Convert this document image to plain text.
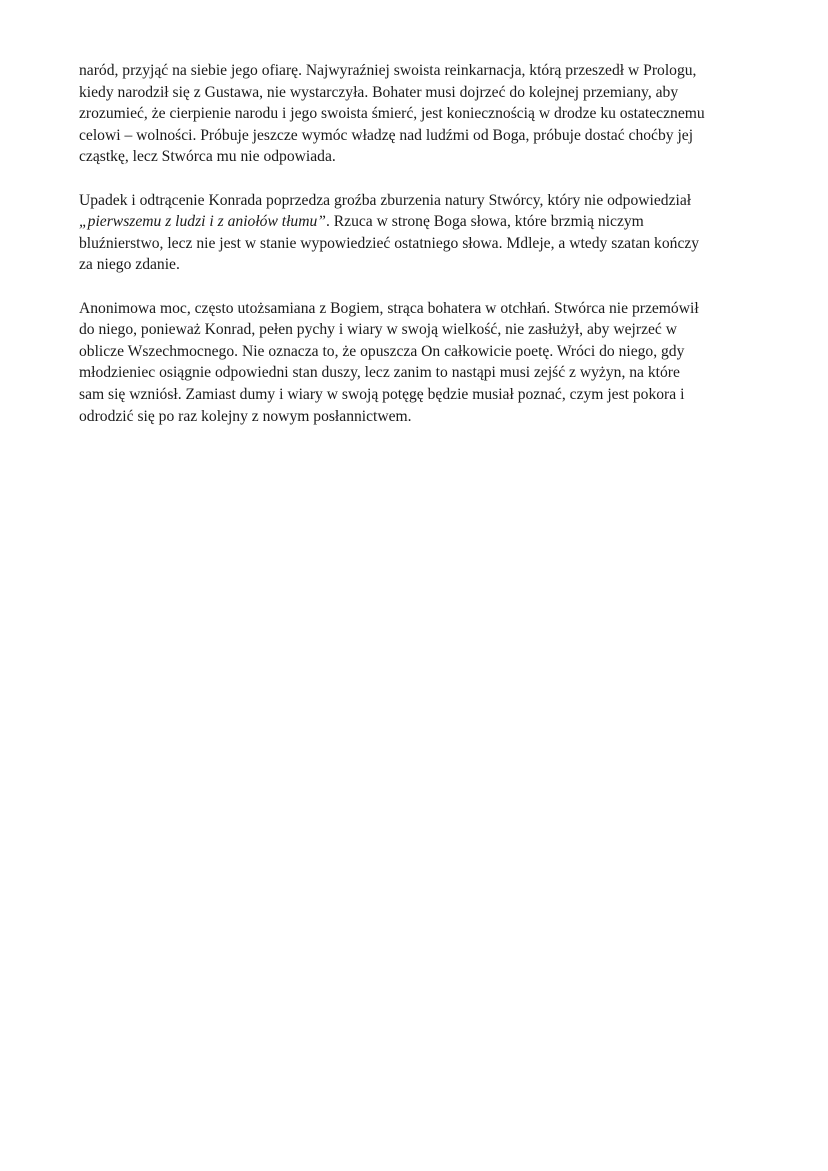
naród, przyjąć na siebie jego ofiarę. Najwyraźniej swoista reinkarnacja, którą przeszedł w Prologu,
kiedy narodził się z Gustawa, nie wystarczyła. Bohater musi dojrzeć do kolejnej przemiany, aby
zrozumieć, że cierpienie narodu i jego swoista śmierć, jest koniecznością w drodze ku ostatecznemu
celowi – wolności. Próbuje jeszcze wymóc władzę nad ludźmi od Boga, próbuje dostać choćby jej
cząstkę, lecz Stwórca mu nie odpowiada.

Upadek i odtrącenie Konrada poprzedza groźba zburzenia natury Stwórcy, który nie odpowiedział
„pierwszemu z ludzi i z aniołów tłumu”. Rzuca w stronę Boga słowa, które brzmią niczym
bluźnierstwo, lecz nie jest w stanie wypowiedzieć ostatniego słowa. Mdleje, a wtedy szatan kończy
za niego zdanie.

Anonimowa moc, często utożsamiana z Bogiem, strąca bohatera w otchłań. Stwórca nie przemówił
do niego, ponieważ Konrad, pełen pychy i wiary w swoją wielkość, nie zasłużył, aby wejrzeć w
oblicze Wszechmocnego. Nie oznacza to, że opuszcza On całkowicie poetę. Wróci do niego, gdy
młodzieniec osiągnie odpowiedni stan duszy, lecz zanim to nastąpi musi zejść z wyżyn, na które
sam się wzniósł. Zamiast dumy i wiary w swoją potęgę będzie musiał poznać, czym jest pokora i
odrodzić się po raz kolejny z nowym posłannictwem.
